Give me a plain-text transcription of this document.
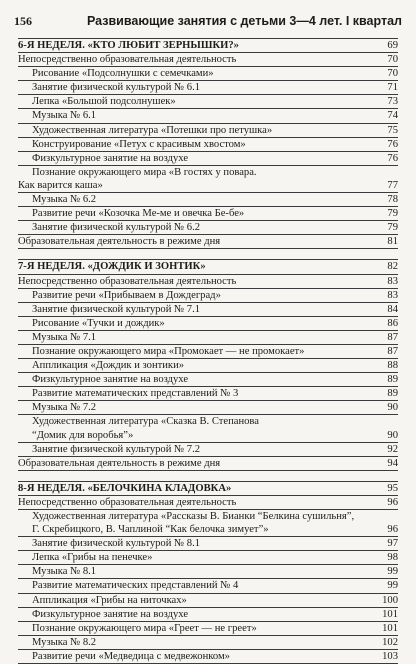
156	Развивающие занятия с детьми 3—4 лет. I квартал
6-Я НЕДЕЛЯ. «КТО ЛЮБИТ ЗЕРНЫШКИ?»	69
Непосредственно образовательная деятельность	70
Рисование «Подсолнушки с семечками»	70
Занятие физической культурой № 6.1	71
Лепка «Большой подсолнушек»	73
Музыка № 6.1	74
Художественная литература «Потешки про петушка»	75
Конструирование «Петух с красивым хвостом»	76
Физкультурное занятие на воздухе	76
Познание окружающего мира «В гостях у повара.
Как варится каша»	77
Музыка № 6.2	78
Развитие речи «Козочка Ме-ме и овечка Бе-бе»	79
Занятие физической культурой № 6.2	79
Образовательная деятельность в режиме дня	81
7-Я НЕДЕЛЯ. «ДОЖДИК И ЗОНТИК»	82
Непосредственно образовательная деятельность	83
Развитие речи «Прибываем в Дождеград»	83
Занятие физической культурой № 7.1	84
Рисование «Тучки и дождик»	86
Музыка № 7.1	87
Познание окружающего мира «Промокает — не промокает»	87
Аппликация «Дождик и зонтики»	88
Физкультурное занятие на воздухе	89
Развитие математических представлений № 3	89
Музыка № 7.2	90
Художественная литература «Сказка В. Степанова
“Домик для воробья”»	90
Занятие физической культурой № 7.2	92
Образовательная деятельность в режиме дня	94
8-Я НЕДЕЛЯ. «БЕЛОЧКИНА КЛАДОВКА»	95
Непосредственно образовательная деятельность	96
Художественная литература «Рассказы В. Бианки “Белкина сушильня”,
Г. Скребицкого, В. Чаплиной “Как белочка зимует”»	96
Занятие физической культурой № 8.1	97
Лепка «Грибы на пенечке»	98
Музыка № 8.1	99
Развитие математических представлений № 4	99
Аппликация «Грибы на ниточках»	100
Физкультурное занятие на воздухе	101
Познание окружающего мира «Греет — не греет»	101
Музыка № 8.2	102
Развитие речи «Медведица с медвежонком»	103
